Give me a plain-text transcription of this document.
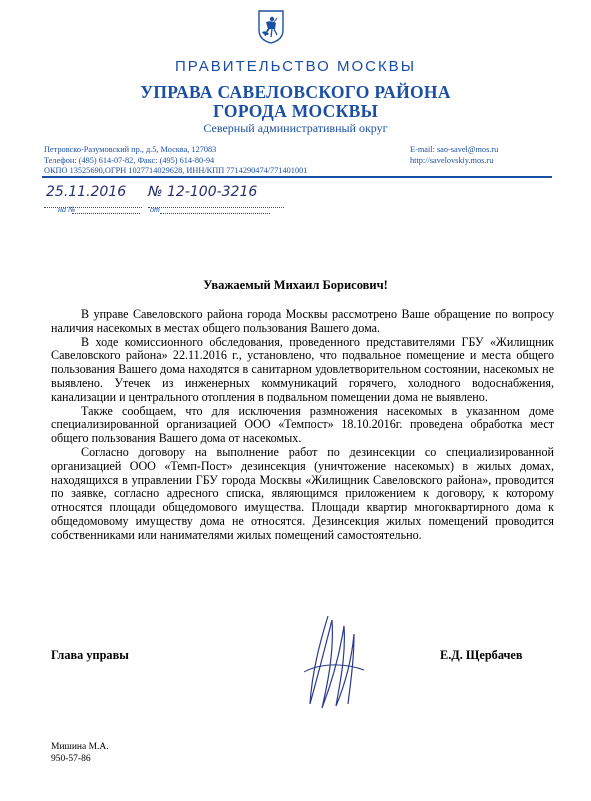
ПРАВИТЕЛЬСТВО МОСКВЫ
УПРАВА САВЕЛОВСКОГО РАЙОНА
ГОРОДА МОСКВЫ
Северный административный округ
Петровско-Разумовский пр., д.5, Москва, 127083
Телефон: (495) 614-07-82, Факс: (495) 614-80-94
ОКПО 13525690,ОГРН 1027714029628, ИНН/КПП 7714290474/771401001
E-mail: sao-savel@mos.ru
http://savelovskiy.mos.ru
25.11.2016 № 12-100-3216
на №	от
Уважаемый Михаил Борисович!

В управе Савеловского района города Москвы рассмотрено Ваше обращение по вопросу наличия насекомых в местах общего пользования Вашего дома.

В ходе комиссионного обследования, проведенного представителями ГБУ «Жилищник Савеловского района» 22.11.2016 г., установлено, что подвальное помещение и места общего пользования Вашего дома находятся в санитарном удовлетворительном состоянии, насекомых не выявлено. Утечек из инженерных коммуникаций горячего, холодного водоснабжения, канализации и центрального отопления в подвальном помещении дома не выявлено.

Также сообщаем, что для исключения размножения насекомых в указанном доме специализированной организацией ООО «Темпост» 18.10.2016г. проведена обработка мест общего пользования Вашего дома от насекомых.

Согласно договору на выполнение работ по дезинсекции со специализированной организацией ООО «Темп-Пост» дезинсекция (уничтожение насекомых) в жилых домах, находящихся в управлении ГБУ города Москвы «Жилищник Савеловского района», проводится по заявке, согласно адресного списка, являющимся приложением к договору, к которому относятся площади общедомового имущества. Площади квартир многоквартирного дома к общедомовому имуществу дома не относятся. Дезинсекция жилых помещений проводится собственниками или нанимателями жилых помещений самостоятельно.

Глава управы	Е.Д. Щербачев
Мишина М.А.
950-57-86
